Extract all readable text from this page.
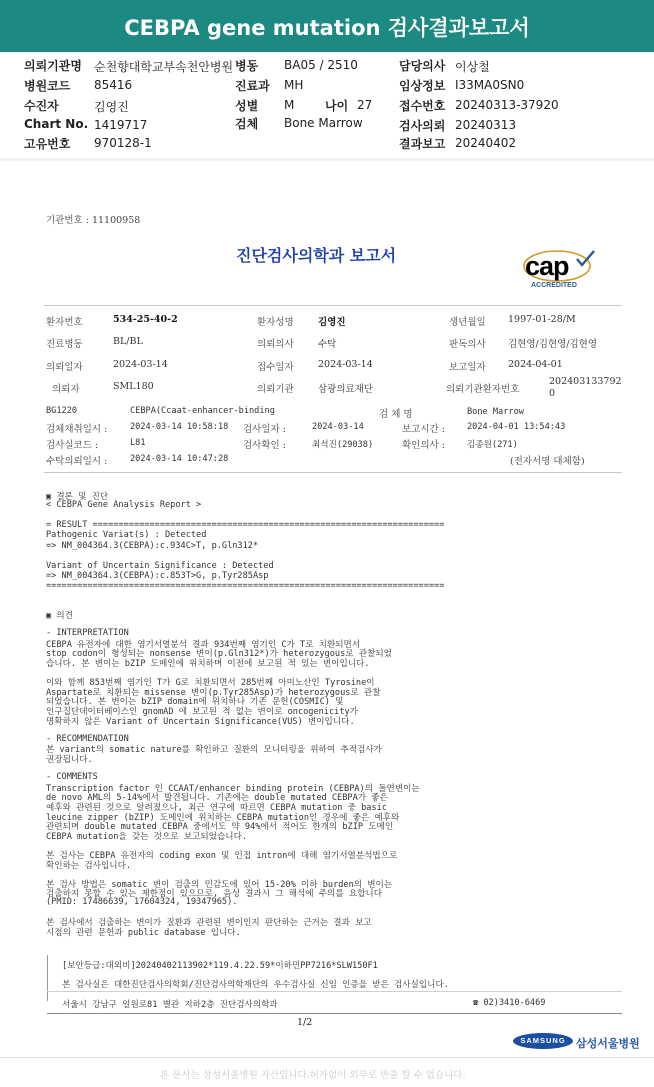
CEBPA gene mutation 검사결과보고서
의뢰기관명 순천향대학교부속천안병원 병동 BA05 / 2510	담당의사 이상철
병원코드 85416	진료과 MH	임상정보 I33MA0SN0
수진자	김영진	성별 M	나이 27 접수번호 20240313-37920
Chart No. 1419717	검체 Bone Marrow	검사의뢰 20240313
고유번호 970128-1	결과보고 20240402
기관번호 : 11100958
진단검사의학과 보고서	cap
ACCREDITED
환자번호	534-25-40-2	환자성명	김영진	생년월일 1997-01-28/M
진료병동	BL/BL	의뢰의사	수탁	판독의사 김현영/김현영/김현영
의뢰일자	2024-03-14	접수일자	2024-03-14	보고일자 2024-04-01
의뢰자	SML180	의뢰기관	삼광의료재단	의뢰기관환자번호
202403133792
0
BG1220	CEBPA(Ccaat-enhancer-binding	검 체 명	Bone Marrow
검체채취일시 :	2024-03-14 10:58:18 검사일자 :	2024-03-14	보고시간 :	2024-04-01 13:54:43
검사실코드 :	L81	검사확인 :	최석진(29038)	확인의사 :	김종원(271)
수탁의뢰일시 :	2024-03-14 10:47:28	(전자서명 대체함)
▣ 결론 및 진단
< CEBPA Gene Analysis Report >
= RESULT ====================================================================
Pathogenic Variat(s) : Detected
=> NM_004364.3(CEBPA):c.934C>T, p.Gln312*
Variant of Uncertain Significance : Detected
=> NM_004364.3(CEBPA):c.853T>G, p.Tyr285Asp
=============================================================================
▣ 의견
- INTERPRETATION
CEBPA 유전자에 대한 염기서열분석 결과 934번째 염기인 C가 T로 치환되면서
stop codon이 형성되는 nonsense 변이(p.Gln312*)가 heterozygous로 관찰되었
습니다. 본 변이는 bZIP 도메인에 위치하며 이전에 보고된 적 있는 변이입니다.
이와 함께 853번째 염기인 T가 G로 치환되면서 285번째 아미노산인 Tyrosine이
Aspartate로 치환되는 missense 변이(p.Tyr285Asp)가 heterozygous로 관찰
되었습니다. 본 변이는 bZIP domain에 위치하나 기존 문헌(COSMIC) 및
인구집단데이터베이스인 gnomAD 에 보고된 적 없는 변이로 oncogenicity가
명확하지 않은 Variant of Uncertain Significance(VUS) 변이입니다.
- RECOMMENDATION
본 variant의 somatic nature를 확인하고 질환의 모니터링을 위하여 추적검사가
권장됩니다.
- COMMENTS
Transcription factor 인 CCAAT/enhancer binding protein (CEBPA)의 돌연변이는
de novo AML의 5-14%에서 발견됩니다. 기존에는 double mutated CEBPA가 좋은
예후와 관련된 것으로 알려졌으나, 최근 연구에 따르면 CEBPA mutation 중 basic
leucine zipper (bZIP) 도메인에 위치하는 CEBPA mutation인 경우에 좋은 예후와
관련되며 double mutated CEBPA 중에서도 약 94%에서 적어도 한개의 bZIP 도메인
CEBPA mutation을 갖는 것으로 보고되었습니다.
본 검사는 CEBPA 유전자의 coding exon 및 인접 intron에 대해 염기서열분석법으로
확인하는 검사입니다.
본 검사 방법은 somatic 변이 검출의 민감도에 있어 15-20% 이하 burden의 변이는
검출하지 못할 수 있는 제한점이 있으므로, 음성 결과시 그 해석에 주의를 요합니다
(PMID: 17486639, 17604324, 19347965).
본 검사에서 검출하는 변이가 질환과 관련된 변이인지 판단하는 근거는 결과 보고
시점의 관련 문헌과 public database 입니다.
[보안등급:대외비]20240402113902*119.4.22.59*이하민PP7216*SLW150F1
본 검사실은 대한진단검사의학회/진단검사의학재단의 우수검사실 신임 인증을 받은 검사실입니다.
서울시 강남구 일원로81 별관 지하2층 진단검사의학과	☎ 02)3410-6469
1/2
SAMSUNG 삼성서울병원
본 문서는 삼성서울병원 자산입니다.허가없이 외부로 반출 할 수 없습니다.
